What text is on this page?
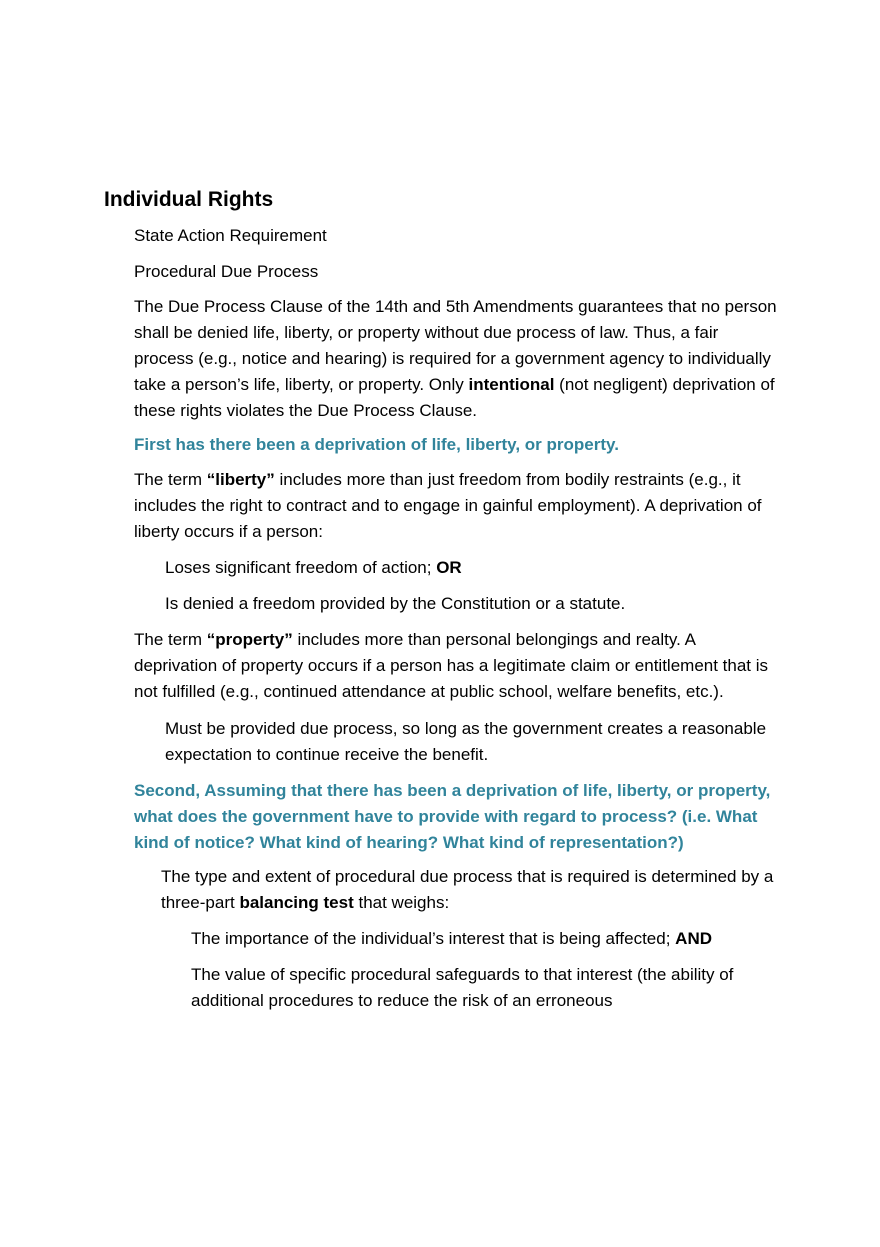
Individual Rights

State Action Requirement

Procedural Due Process

The Due Process Clause of the 14th and 5th Amendments guarantees that no person shall be denied life, liberty, or property without due process of law. Thus, a fair process (e.g., notice and hearing) is required for a government agency to individually take a person’s life, liberty, or property. Only intentional (not negligent) deprivation of these rights violates the Due Process Clause.

First has there been a deprivation of life, liberty, or property.

The term “liberty” includes more than just freedom from bodily restraints (e.g., it includes the right to contract and to engage in gainful employment). A deprivation of liberty occurs if a person:

Loses significant freedom of action; OR

Is denied a freedom provided by the Constitution or a statute.

The term “property” includes more than personal belongings and realty. A deprivation of property occurs if a person has a legitimate claim or entitlement that is not fulfilled (e.g., continued attendance at public school, welfare benefits, etc.).

Must be provided due process, so long as the government creates a reasonable expectation to continue receive the benefit.

Second, Assuming that there has been a deprivation of life, liberty, or property, what does the government have to provide with regard to process? (i.e. What kind of notice? What kind of hearing? What kind of representation?)

The type and extent of procedural due process that is required is determined by a three-part balancing test that weighs:

The importance of the individual’s interest that is being affected; AND

The value of specific procedural safeguards to that interest (the ability of additional procedures to reduce the risk of an erroneous
